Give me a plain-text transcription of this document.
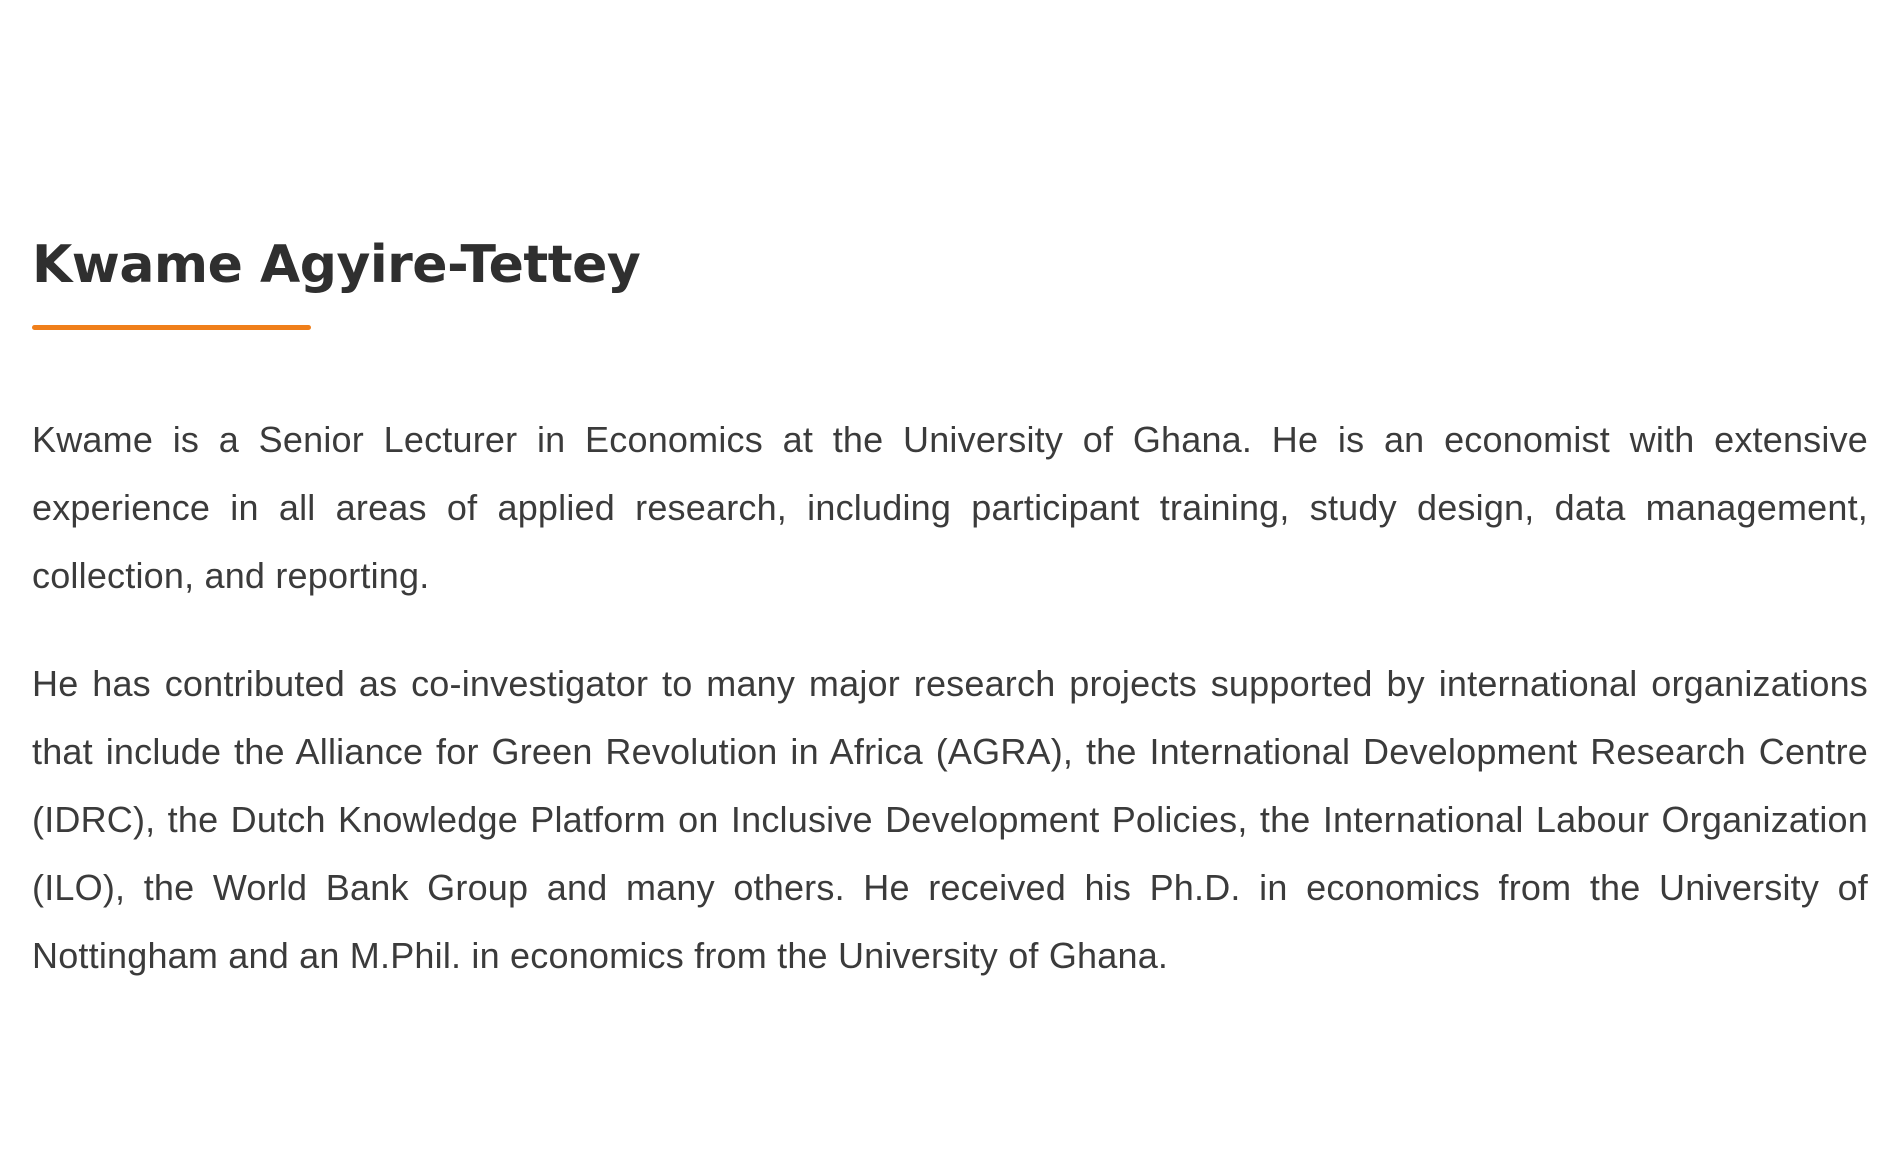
Kwame Agyire-Tettey

Kwame is a Senior Lecturer in Economics at the University of Ghana. He is an economist with extensive experience in all areas of applied research, including participant training, study design, data management, collection, and reporting.

He has contributed as co-investigator to many major research projects supported by international organizations that include the Alliance for Green Revolution in Africa (AGRA), the International Development Research Centre (IDRC), the Dutch Knowledge Platform on Inclusive Development Policies, the International Labour Organization (ILO), the World Bank Group and many others. He received his Ph.D. in economics from the University of Nottingham and an M.Phil. in economics from the University of Ghana.
